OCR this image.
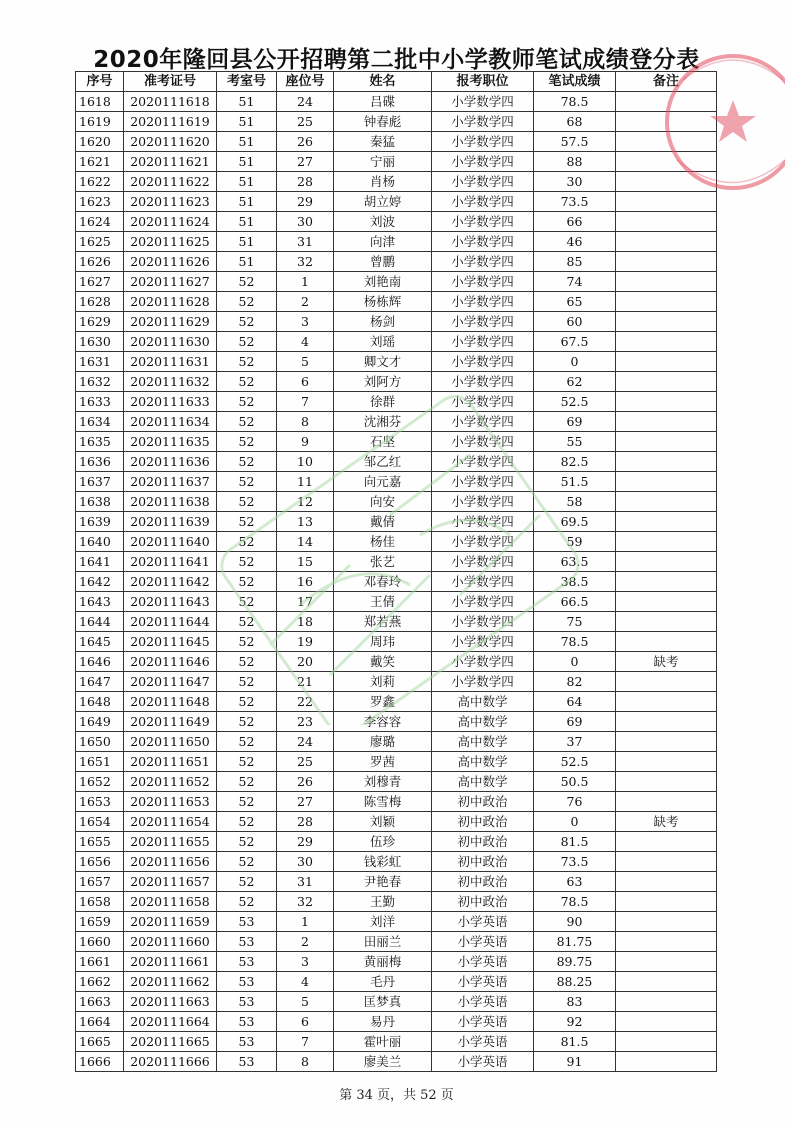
2020年隆回县公开招聘第二批中小学教师笔试成绩登分表
序号	准考证号	考室号	座位号	姓名	报考职位	笔试成绩	备注
1618	2020111618	51	24	吕碟	小学数学四	78.5	
1619	2020111619	51	25	钟春彪	小学数学四	68	
1620	2020111620	51	26	秦猛	小学数学四	57.5	
1621	2020111621	51	27	宁丽	小学数学四	88	
1622	2020111622	51	28	肖杨	小学数学四	30	
1623	2020111623	51	29	胡立婷	小学数学四	73.5	
1624	2020111624	51	30	刘波	小学数学四	66	
1625	2020111625	51	31	向津	小学数学四	46	
1626	2020111626	51	32	曾鹏	小学数学四	85	
1627	2020111627	52	1	刘艳南	小学数学四	74	
1628	2020111628	52	2	杨栋辉	小学数学四	65	
1629	2020111629	52	3	杨剑	小学数学四	60	
1630	2020111630	52	4	刘瑶	小学数学四	67.5	
1631	2020111631	52	5	卿文才	小学数学四	0	
1632	2020111632	52	6	刘阿方	小学数学四	62	
1633	2020111633	52	7	徐群	小学数学四	52.5	
1634	2020111634	52	8	沈湘芬	小学数学四	69	
1635	2020111635	52	9	石坚	小学数学四	55	
1636	2020111636	52	10	邹乙红	小学数学四	82.5	
1637	2020111637	52	11	向元嘉	小学数学四	51.5	
1638	2020111638	52	12	向安	小学数学四	58	
1639	2020111639	52	13	戴倩	小学数学四	69.5	
1640	2020111640	52	14	杨佳	小学数学四	59	
1641	2020111641	52	15	张艺	小学数学四	63.5	
1642	2020111642	52	16	邓春玲	小学数学四	38.5	
1643	2020111643	52	17	王倩	小学数学四	66.5	
1644	2020111644	52	18	郑若燕	小学数学四	75	
1645	2020111645	52	19	周玮	小学数学四	78.5	
1646	2020111646	52	20	戴笑	小学数学四	0	缺考
1647	2020111647	52	21	刘莉	小学数学四	82	
1648	2020111648	52	22	罗鑫	高中数学	64	
1649	2020111649	52	23	李容容	高中数学	69	
1650	2020111650	52	24	廖璐	高中数学	37	
1651	2020111651	52	25	罗茜	高中数学	52.5	
1652	2020111652	52	26	刘穆青	高中数学	50.5	
1653	2020111653	52	27	陈雪梅	初中政治	76	
1654	2020111654	52	28	刘颖	初中政治	0	缺考
1655	2020111655	52	29	伍珍	初中政治	81.5	
1656	2020111656	52	30	钱彩虹	初中政治	73.5	
1657	2020111657	52	31	尹艳春	初中政治	63	
1658	2020111658	52	32	王勤	初中政治	78.5	
1659	2020111659	53	1	刘洋	小学英语	90	
1660	2020111660	53	2	田丽兰	小学英语	81.75	
1661	2020111661	53	3	黄丽梅	小学英语	89.75	
1662	2020111662	53	4	毛丹	小学英语	88.25	
1663	2020111663	53	5	匡梦真	小学英语	83	
1664	2020111664	53	6	易丹	小学英语	92	
1665	2020111665	53	7	霍叶丽	小学英语	81.5	
1666	2020111666	53	8	廖美兰	小学英语	91	
第 34 页，共 52 页
